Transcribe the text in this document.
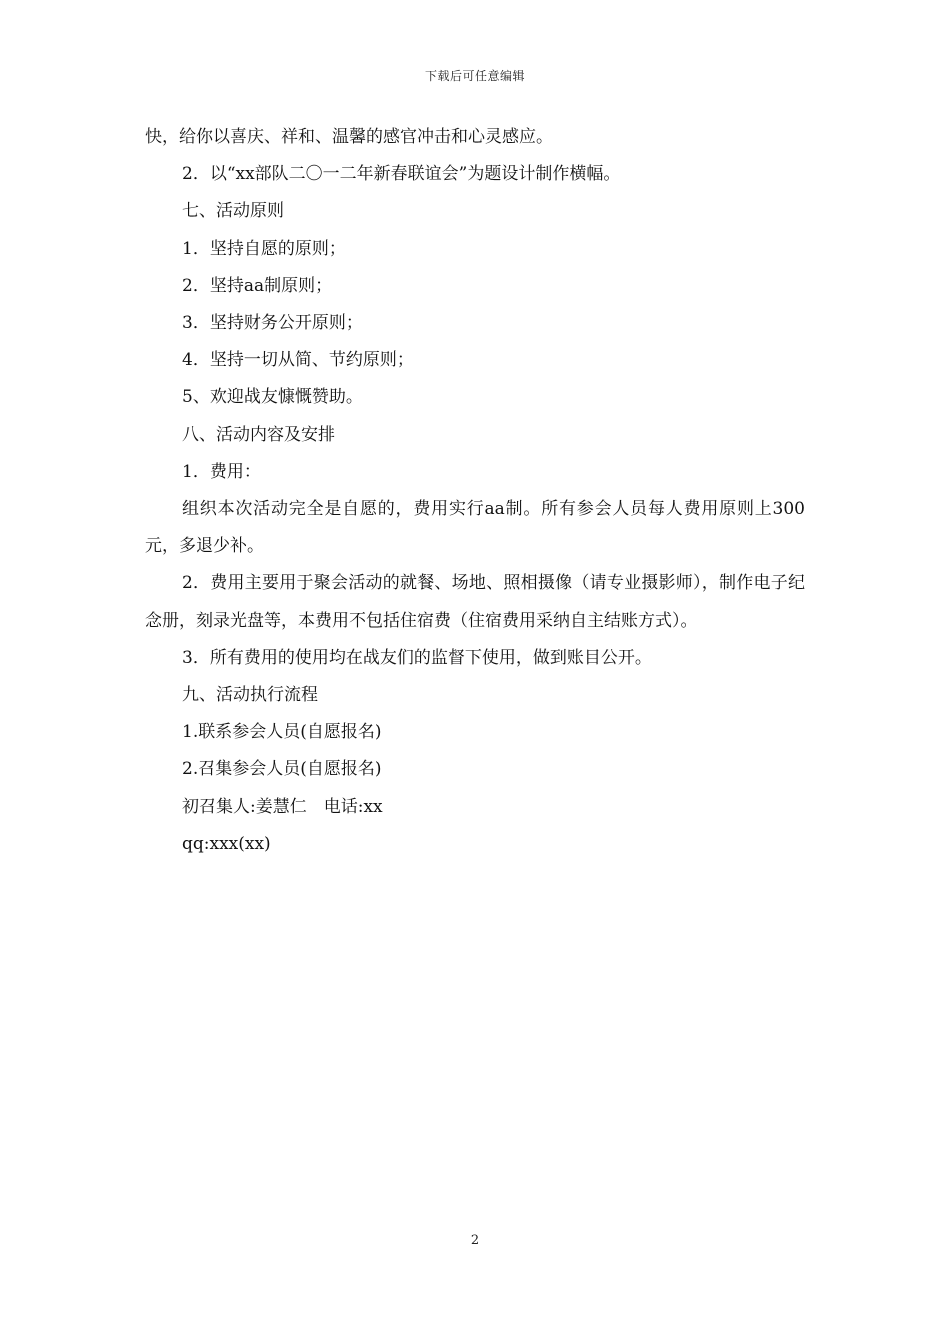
下载后可任意编辑

快，给你以喜庆、祥和、温馨的感官冲击和心灵感应。

2．以“xx部队二〇一二年新春联谊会”为题设计制作横幅。

七、活动原则

1．坚持自愿的原则；

2．坚持aa制原则；

3．坚持财务公开原则；

4．坚持一切从简、节约原则；

5、欢迎战友慷慨赞助。

八、活动内容及安排

1．费用：

组织本次活动完全是自愿的，费用实行aa制。所有参会人员每人费用原则上300元，多退少补。

2．费用主要用于聚会活动的就餐、场地、照相摄像（请专业摄影师），制作电子纪念册，刻录光盘等，本费用不包括住宿费（住宿费用采纳自主结账方式）。

3．所有费用的使用均在战友们的监督下使用，做到账目公开。

九、活动执行流程

1.联系参会人员(自愿报名)

2.召集参会人员(自愿报名)

初召集人:姜慧仁　电话:xx

qq:xxx(xx)

2
